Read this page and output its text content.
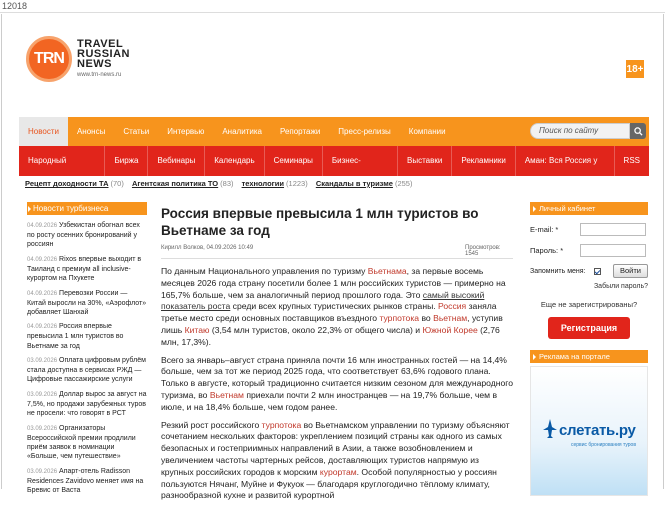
12018
TRN
TRAVEL
RUSSIAN
NEWS
www.trn-news.ru	18+
Новости	Анонсы	Статьи	Интервью	Аналитика	Репортажи	Пресс-релизы	Компании	Поиск по сайту
Народный контроль
Биржа	Вебинары	Календарь	Семинары	Бизнес-завтраки
Выставки	Рекламники	Аман: Вся Россия у нас
RSS
Рецепт доходности ТА (70) Агентская политика ТО (83) технологии (1223) Скандалы в туризме (255)
Новости турбизнеса
04.09.2026 Узбекистан обогнал всех по росту осенних бронирований у россиян
04.09.2026 Rixos впервые выходит в Таиланд с премиум all inclusive-курортом на Пхукете
04.09.2026 Перевозки России — Китай выросли на 30%, «Аэрофлот» добавляет Шанхай
04.09.2026 Россия впервые превысила 1 млн туристов во Вьетнаме за год
03.09.2026 Оплата цифровым рублём стала доступна в сервисах РЖД — Цифровые пассажирские услуги
03.09.2026 Доллар вырос за август на 7,5%, но продажи зарубежных туров не просели: что говорят в РСТ
03.09.2026 Организаторы Всероссийской премии продлили приём заявок в номинации «Больше, чем путешествие»
03.09.2026 Апарт-отель Radisson Residences Zavidovo меняет имя на Бревис от Васта
Россия впервые превысила 1 млн туристов во Вьетнаме за год
Кирилл Волков, 04.09.2026 10:49	Просмотров: 1545

По данным Национального управления по туризму Вьетнама, за первые восемь месяцев 2026 года страну посетили более 1 млн российских туристов — примерно на 165,7% больше, чем за аналогичный период прошлого года. Это самый высокий показатель роста среди всех крупных туристических рынков страны. Россия заняла третье место среди основных поставщиков въездного турпотока во Вьетнам, уступив лишь Китаю (3,54 млн туристов, около 22,3% от общего числа) и Южной Корее (2,76 млн, 17,3%).

Всего за январь–август страна приняла почти 16 млн иностранных гостей — на 14,4% больше, чем за тот же период 2025 года, что соответствует 63,6% годового плана. Только в августе, который традиционно считается низким сезоном для международного туризма, во Вьетнам приехали почти 2 млн иностранцев — на 19,7% больше, чем в июле, и на 18,4% больше, чем годом ранее.

Резкий рост российского турпотока во Вьетнамском управлении по туризму объясняют сочетанием нескольких факторов: укреплением позиций страны как одного из самых безопасных и гостеприимных направлений в Азии, а также возобновлением и увеличением частоты чартерных рейсов, доставляющих туристов напрямую из крупных российских городов к морским курортам. Особой популярностью у россиян пользуются Нячанг, Муйне и Фукуок — благодаря круглогодично тёплому климату, разнообразной кухне и развитой курортной

Личный кабинет
E-mail: *
Пароль: *
Запомнить меня:	Войти
Забыли пароль?
Еще не зарегистрированы?
Регистрация
Реклама на портале
слетать.ру
сервис бронирования туров
